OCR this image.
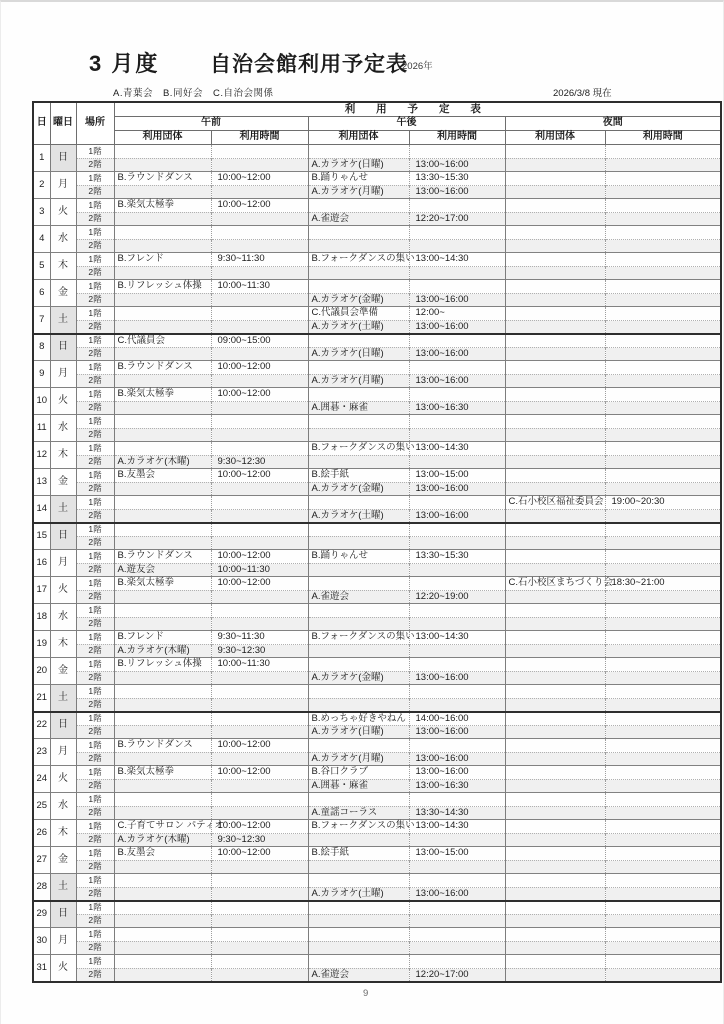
3 月度 自治会館利用予定表
2026年
A.青葉会　B.同好会　C.自治会関係	2026/3/8 現在
日	曜日	場所	利 用 予 定 表					
			午前		午後		夜間	
			利用団体	利用時間	利用団体	利用時間	利用団体	利用時間
1	日	1階						
		2階			A.カラオケ(日曜)	13:00~16:00		
2	月	1階	B.ラウンドダンス	10:00~12:00	B.踊りゃんせ	13:30~15:30		
		2階			A.カラオケ(月曜)	13:00~16:00		
3	火	1階	B.楽気太極拳	10:00~12:00				
		2階			A.雀遊会	12:20~17:00		
4	水	1階						
		2階						
5	木	1階	B.フレンド	9:30~11:30	B.フォークダンスの集い	13:00~14:30		
		2階						
6	金	1階	B.リフレッシュ体操	10:00~11:30				
		2階			A.カラオケ(金曜)	13:00~16:00		
7	土	1階			C.代議員会準備	12:00~		
		2階			A.カラオケ(土曜)	13:00~16:00		
8	日	1階	C.代議員会	09:00~15:00				
		2階			A.カラオケ(日曜)	13:00~16:00		
9	月	1階	B.ラウンドダンス	10:00~12:00				
		2階			A.カラオケ(月曜)	13:00~16:00		
10	火	1階	B.楽気太極拳	10:00~12:00				
		2階			A.囲碁・麻雀	13:00~16:30		
11	水	1階						
		2階						
12	木	1階			B.フォークダンスの集い	13:00~14:30		
		2階	A.カラオケ(木曜)	9:30~12:30				
13	金	1階	B.友墨会	10:00~12:00	B.絵手紙	13:00~15:00		
		2階			A.カラオケ(金曜)	13:00~16:00		
14	土	1階					C.石小校区福祉委員会	19:00~20:30
		2階			A.カラオケ(土曜)	13:00~16:00		
15	日	1階						
		2階						
16	月	1階	B.ラウンドダンス	10:00~12:00	B.踊りゃんせ	13:30~15:30		
		2階	A.遊友会	10:00~11:30				
17	火	1階	B.楽気太極拳	10:00~12:00			C.石小校区まちづくり会	18:30~21:00
		2階			A.雀遊会	12:20~19:00		
18	水	1階						
		2階						
19	木	1階	B.フレンド	9:30~11:30	B.フォークダンスの集い	13:00~14:30		
		2階	A.カラオケ(木曜)	9:30~12:30				
20	金	1階	B.リフレッシュ体操	10:00~11:30				
		2階			A.カラオケ(金曜)	13:00~16:00		
21	土	1階						
		2階						
22	日	1階			B.めっちゃ好きやねん	14:00~16:00		
		2階			A.カラオケ(日曜)	13:00~16:00		
23	月	1階	B.ラウンドダンス	10:00~12:00				
		2階			A.カラオケ(月曜)	13:00~16:00		
24	火	1階	B.楽気太極拳	10:00~12:00	B.谷口クラブ	13:00~16:00		
		2階			A.囲碁・麻雀	13:00~16:30		
25	水	1階						
		2階			A.童謡コーラス	13:30~14:30		
26	木	1階	C.子育てサロン パティオ	10:00~12:00	B.フォークダンスの集い	13:00~14:30		
		2階	A.カラオケ(木曜)	9:30~12:30				
27	金	1階	B.友墨会	10:00~12:00	B.絵手紙	13:00~15:00		
		2階						
28	土	1階						
		2階			A.カラオケ(土曜)	13:00~16:00		
29	日	1階						
		2階						
30	月	1階						
		2階						
31	火	1階						
		2階			A.雀遊会	12:20~17:00		
9
